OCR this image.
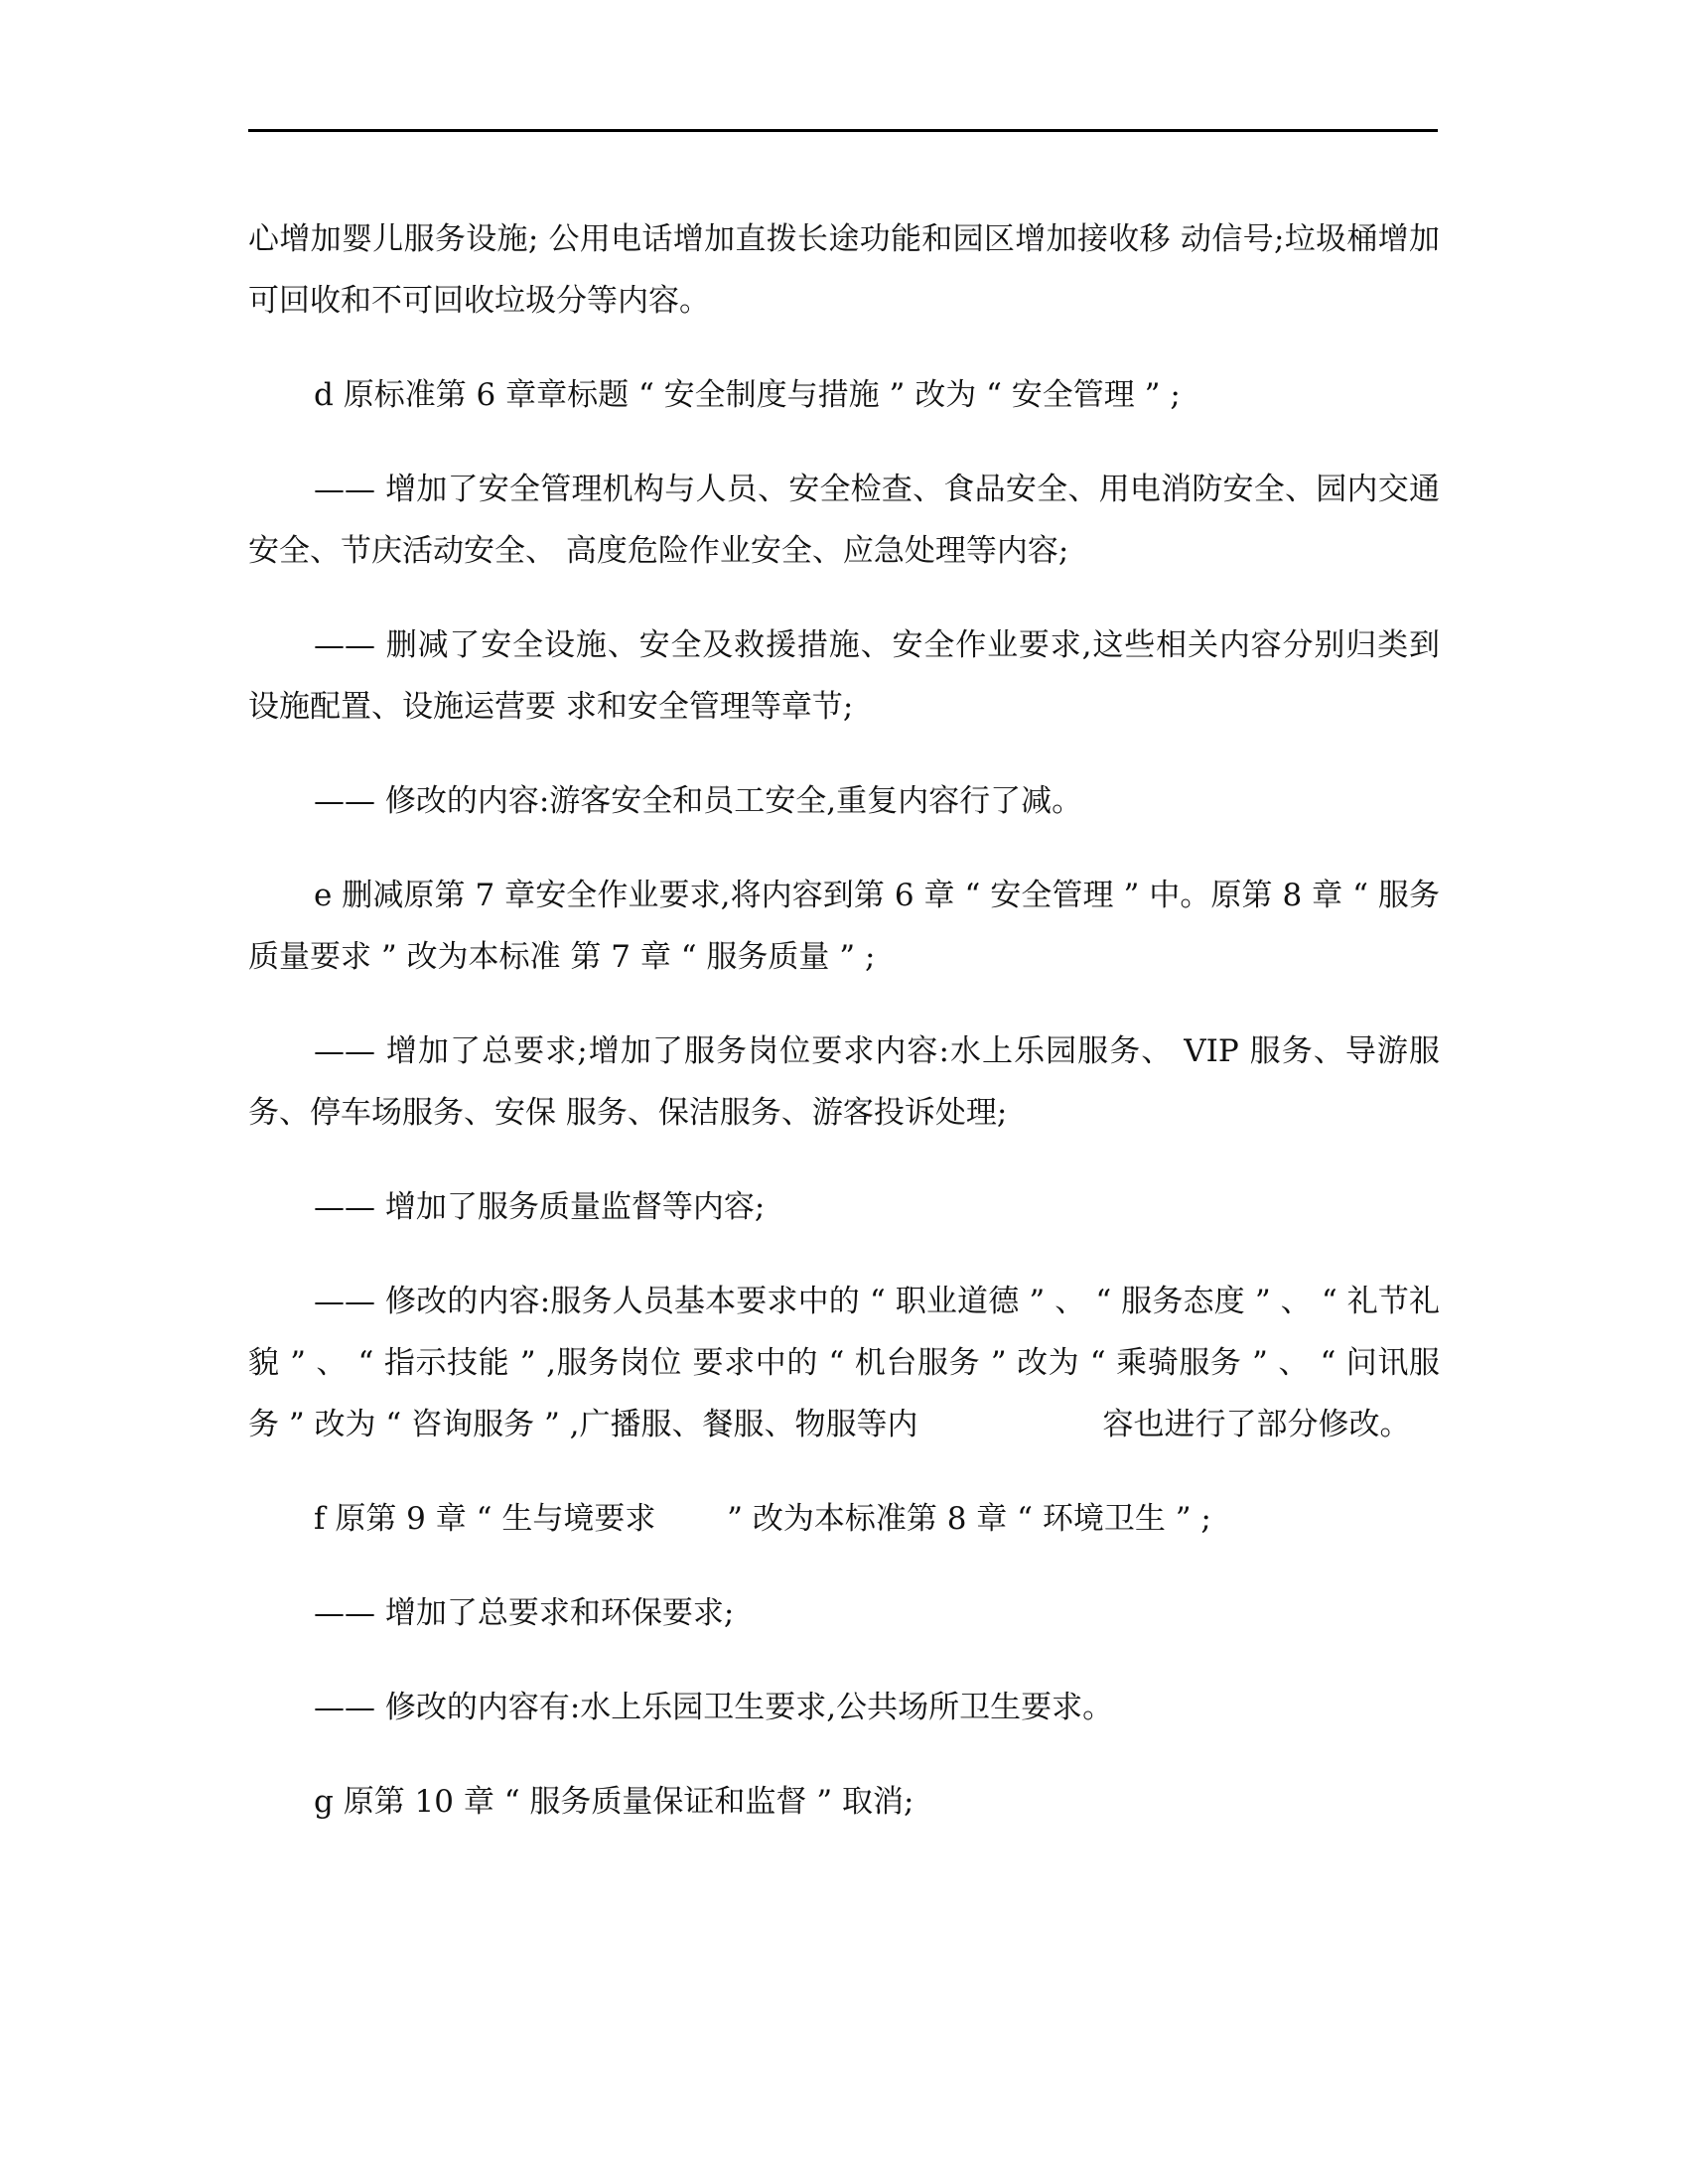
心增加婴儿服务设施; 公用电话增加直拨长途功能和园区增加接收移 动信号;垃圾桶增加可回收和不可回收垃圾分等内容。

d 原标准第 6 章章标题 “ 安全制度与措施 ” 改为 “ 安全管理 ” ;

—— 增加了安全管理机构与人员、安全检查、食品安全、用电消防安全、园内交通安全、节庆活动安全、 高度危险作业安全、应急处理等内容;

—— 删减了安全设施、安全及救援措施、安全作业要求,这些相关内容分别归类到设施配置、设施运营要 求和安全管理等章节;

—— 修改的内容:游客安全和员工安全,重复内容行了减。

e 删减原第 7 章安全作业要求,将内容到第 6 章 “ 安全管理 ” 中。原第 8 章 “ 服务质量要求 ” 改为本标准 第 7 章 “ 服务质量 ” ;

—— 增加了总要求;增加了服务岗位要求内容:水上乐园服务、 VIP 服务、导游服务、停车场服务、安保 服务、保洁服务、游客投诉处理;

—— 增加了服务质量监督等内容;

—— 修改的内容:服务人员基本要求中的 “ 职业道德 ” 、 “ 服务态度 ” 、 “ 礼节礼貌 ” 、 “ 指示技能 ” ,服务岗位 要求中的 “ 机台服务 ” 改为 “ 乘骑服务 ” 、 “ 问讯服务 ” 改为 “ 咨询服务 ” ,广播服、餐服、物服等内　　　　　　容也进行了部分修改。

f 原第 9 章 “ 生与境要求　　 ” 改为本标准第 8 章 “ 环境卫生 ” ;

—— 增加了总要求和环保要求;

—— 修改的内容有:水上乐园卫生要求,公共场所卫生要求。

g 原第 10 章 “ 服务质量保证和监督 ” 取消;
